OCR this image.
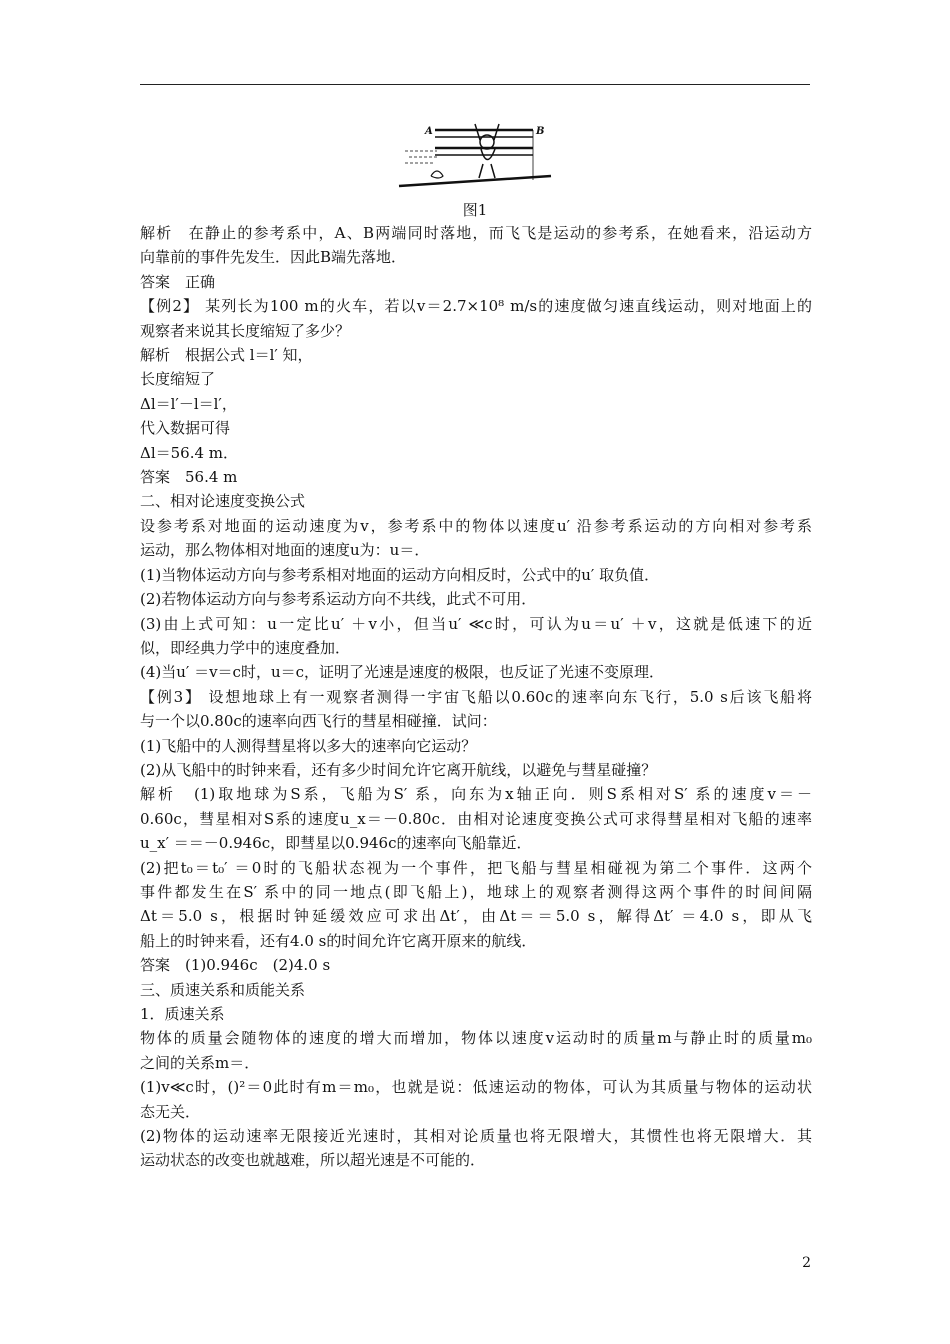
A	B
图1
解析　在静止的参考系中，A、B两端同时落地，而飞飞是运动的参考系，在她看来，沿运动方
向靠前的事件先发生．因此B端先落地．
答案　正确
【例2】 某列长为100 m的火车，若以v＝2.7×10⁸ m/s的速度做匀速直线运动，则对地面上的
观察者来说其长度缩短了多少？
解析　根据公式 l＝l′ 知，
长度缩短了
Δl＝l′－l＝l′，
代入数据可得
Δl＝56.4 m．
答案　56.4 m
二、相对论速度变换公式
设参考系对地面的运动速度为v，参考系中的物体以速度u′ 沿参考系运动的方向相对参考系
运动，那么物体相对地面的速度u为：u＝．
(1)当物体运动方向与参考系相对地面的运动方向相反时，公式中的u′ 取负值．
(2)若物体运动方向与参考系运动方向不共线，此式不可用．
(3)由上式可知：u一定比u′ ＋v小，但当u′ ≪c时，可认为u＝u′ ＋v，这就是低速下的近
似，即经典力学中的速度叠加．
(4)当u′ ＝v＝c时，u＝c，证明了光速是速度的极限，也反证了光速不变原理．
【例3】 设想地球上有一观察者测得一宇宙飞船以0.60c的速率向东飞行，5.0 s后该飞船将
与一个以0.80c的速率向西飞行的彗星相碰撞．试问：
(1)飞船中的人测得彗星将以多大的速率向它运动？
(2)从飞船中的时钟来看，还有多少时间允许它离开航线，以避免与彗星碰撞？
解析　(1)取地球为S系，飞船为S′ 系，向东为x轴正向．则S系相对S′ 系的速度v＝－
0.60c，彗星相对S系的速度u_x＝－0.80c．由相对论速度变换公式可求得彗星相对飞船的速率
u_x′ ＝＝－0.946c，即彗星以0.946c的速率向飞船靠近．
(2)把t₀＝t₀′ ＝0时的飞船状态视为一个事件，把飞船与彗星相碰视为第二个事件．这两个
事件都发生在S′ 系中的同一地点(即飞船上)，地球上的观察者测得这两个事件的时间间隔
Δt＝5.0 s，根据时钟延缓效应可求出Δt′，由Δt＝＝5.0 s，解得Δt′ ＝4.0 s，即从飞
船上的时钟来看，还有4.0 s的时间允许它离开原来的航线．
答案　(1)0.946c　(2)4.0 s
三、质速关系和质能关系
1．质速关系
物体的质量会随物体的速度的增大而增加，物体以速度v运动时的质量m与静止时的质量m₀
之间的关系m＝．
(1)v≪c时，()²＝0此时有m＝m₀，也就是说：低速运动的物体，可认为其质量与物体的运动状
态无关．
(2)物体的运动速率无限接近光速时，其相对论质量也将无限增大，其惯性也将无限增大．其
运动状态的改变也就越难，所以超光速是不可能的．
2
